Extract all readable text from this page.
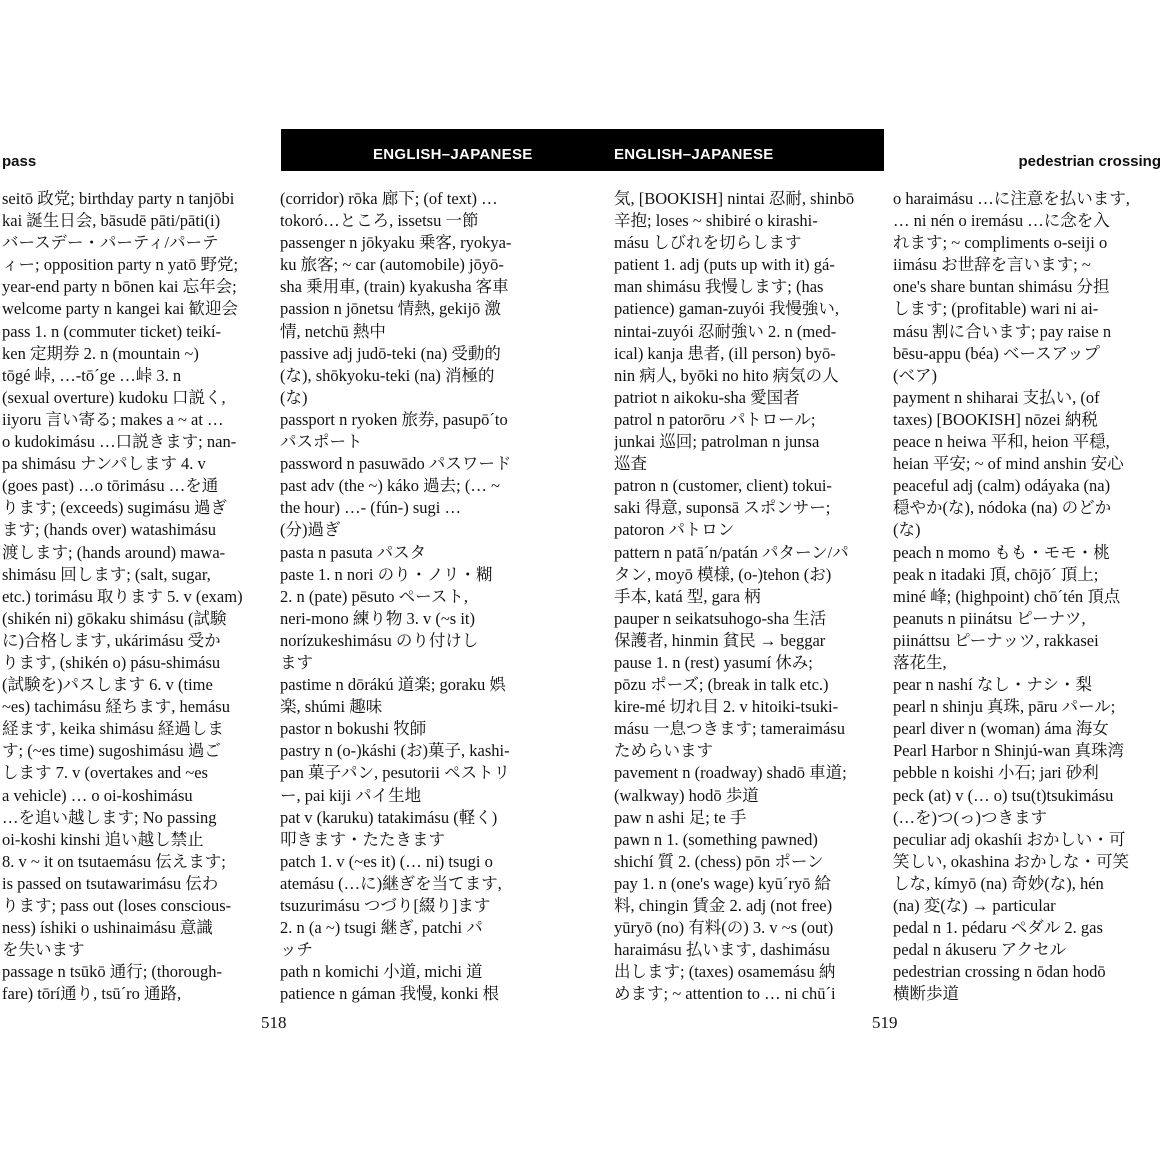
pass	ENGLISH–JAPANESE	ENGLISH–JAPANESE	pedestrian crossing
seitō 政党; birthday party n tanjōbi
kai 誕生日会, bāsudē pāti/pāti(i)
バースデー・パーティ/パーテ
ィー; opposition party n yatō 野党;
year-end party n bōnen kai 忘年会;
welcome party n kangei kai 歓迎会
pass 1. n (commuter ticket) teikí-
ken 定期券 2. n (mountain ~)
tōgé 峠, …-tō´ge …峠 3. n
(sexual overture) kudoku 口説く,
iiyoru 言い寄る; makes a ~ at …
o kudokimásu …口説きます; nan-
pa shimásu ナンパします 4. v
(goes past) …o tōrimásu …を通
ります; (exceeds) sugimásu 過ぎ
ます; (hands over) watashimásu
渡します; (hands around) mawa-
shimásu 回します; (salt, sugar,
etc.) torimásu 取ります 5. v (exam)
(shikén ni) gōkaku shimásu (試験
に)合格します, ukárimásu 受か
ります, (shikén o) pásu-shimásu
(試験を)パスします 6. v (time
~es) tachimásu 経ちます, hemásu
経ます, keika shimásu 経過しま
す; (~es time) sugoshimásu 過ご
します 7. v (overtakes and ~es
a vehicle) … o oi-koshimásu
…を追い越します; No passing
oi-koshi kinshi 追い越し禁止
8. v ~ it on tsutaemásu 伝えます;
is passed on tsutawarimásu 伝わ
ります; pass out (loses conscious-
ness) íshiki o ushinaimásu 意識
を失います
passage n tsūkō 通行; (thorough-
fare) tōrí通り, tsū´ro 通路,
(corridor) rōka 廊下; (of text) …
tokoró…ところ, issetsu 一節
passenger n jōkyaku 乗客, ryokya-
ku 旅客; ~ car (automobile) jōyō-
sha 乗用車, (train) kyakusha 客車
passion n jōnetsu 情熱, gekijō 激
情, netchū 熱中
passive adj judō-teki (na) 受動的
(な), shōkyoku-teki (na) 消極的
(な)
passport n ryoken 旅券, pasupō´to
パスポート
password n pasuwādo パスワード
past adv (the ~) káko 過去; (… ~
the hour) …- (fún-) sugi …
(分)過ぎ
pasta n pasuta パスタ
paste 1. n nori のり・ノリ・糊
2. n (pate) pēsuto ペースト,
neri-mono 練り物 3. v (~s it)
norízukeshimásu のり付けし
ます
pastime n dōrákú 道楽; goraku 娯
楽, shúmi 趣味
pastor n bokushi 牧師
pastry n (o-)káshi (お)菓子, kashi-
pan 菓子パン, pesutorii ペストリ
ー, pai kiji パイ生地
pat v (karuku) tatakimásu (軽く)
叩きます・たたきます
patch 1. v (~es it) (… ni) tsugi o
atemásu (…に)継ぎを当てます,
tsuzurimásu つづり[綴り]ます
2. n (a ~) tsugi 継ぎ, patchi パ
ッチ
path n komichi 小道, michi 道
patience n gáman 我慢, konki 根
気, [BOOKISH] nintai 忍耐, shinbō
辛抱; loses ~ shibiré o kirashi-
másu しびれを切らします
patient 1. adj (puts up with it) gá-
man shimásu 我慢します; (has
patience) gaman-zuyói 我慢強い,
nintai-zuyói 忍耐強い 2. n (med-
ical) kanja 患者, (ill person) byō-
nin 病人, byōki no hito 病気の人
patriot n aikoku-sha 愛国者
patrol n patorōru パトロール;
junkai 巡回; patrolman n junsa
巡査
patron n (customer, client) tokui-
saki 得意, suponsā スポンサー;
patoron パトロン
pattern n patā´n/patán パターン/パ
タン, moyō 模様, (o-)tehon (お)
手本, katá 型, gara 柄
pauper n seikatsuhogo-sha 生活
保護者, hinmin 貧民 → beggar
pause 1. n (rest) yasumí 休み;
pōzu ポーズ; (break in talk etc.)
kire-mé 切れ目 2. v hitoiki-tsuki-
másu 一息つきます; tameraimásu
ためらいます
pavement n (roadway) shadō 車道;
(walkway) hodō 歩道
paw n ashi 足; te 手
pawn n 1. (something pawned)
shichí 質 2. (chess) pōn ポーン
pay 1. n (one's wage) kyū´ryō 給
料, chingin 賃金 2. adj (not free)
yūryō (no) 有料(の) 3. v ~s (out)
haraimásu 払います, dashimásu
出します; (taxes) osamemásu 納
めます; ~ attention to … ni chū´i
o haraimásu …に注意を払います,
… ni nén o iremásu …に念を入
れます; ~ compliments o-seiji o
iimásu お世辞を言います; ~
one's share buntan shimásu 分担
します; (profitable) wari ni ai-
másu 割に合います; pay raise n
bēsu-appu (béa) ベースアップ
(ベア)
payment n shiharai 支払い, (of
taxes) [BOOKISH] nōzei 納税
peace n heiwa 平和, heion 平穏,
heian 平安; ~ of mind anshin 安心
peaceful adj (calm) odáyaka (na)
穏やか(な), nódoka (na) のどか
(な)
peach n momo もも・モモ・桃
peak n itadaki 頂, chōjō´ 頂上;
miné 峰; (highpoint) chō´tén 頂点
peanuts n piinátsu ピーナツ,
piináttsu ピーナッツ, rakkasei
落花生,
pear n nashí なし・ナシ・梨
pearl n shinju 真珠, pāru パール;
pearl diver n (woman) áma 海女
Pearl Harbor n Shinjú-wan 真珠湾
pebble n koishi 小石; jari 砂利
peck (at) v (… o) tsu(t)tsukimásu
(…を)つ(っ)つきます
peculiar adj okashíi おかしい・可
笑しい, okashina おかしな・可笑
しな, kímyō (na) 奇妙(な), hén
(na) 変(な) → particular
pedal n 1. pédaru ペダル 2. gas
pedal n ákuseru アクセル
pedestrian crossing n ōdan hodō
横断歩道
518	519
